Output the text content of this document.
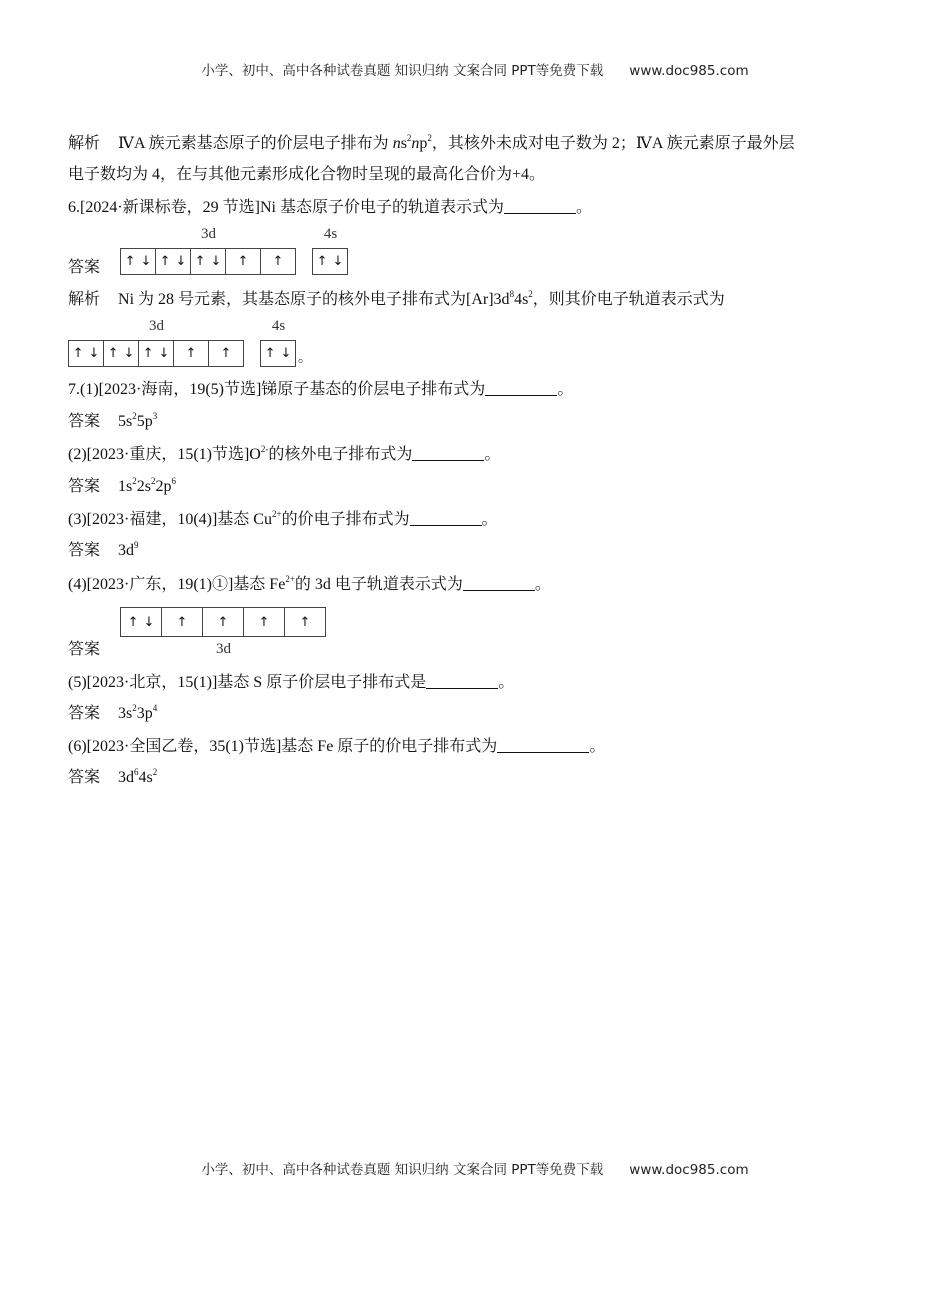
小学、初中、高中各种试卷真题 知识归纳 文案合同 PPT等免费下载 www.doc985.com
小学、初中、高中各种试卷真题 知识归纳 文案合同 PPT等免费下载 www.doc985.com
解析 ⅣA 族元素基态原子的价层电子排布为 $ns^2np^2$，其核外未成对电子数为 2；ⅣA 族元素原子最外层
电子数均为 4，在与其他元素形成化合物时呈现的最高化合价为+4。
6.[2024·新课标卷，29 节选]Ni 基态原子价电子的轨道表示式为	。
答案
解析 Ni 为 28 号元素，其基态原子的核外电子排布式为$[Ar]3d^84s^2$，则其价电子轨道表示式为
7.(1)[2023·海南，19(5)节选]锑原子基态的价层电子排布式为	。
答案 $5s^25p^3$
(2)[2023·重庆，15(1)节选]$O^{2-}$的核外电子排布式为	。
答案 $1s^22s^22p^6$
(3)[2023·福建，10(4)]基态 $Cu^{2+}$的价电子排布式为	。
答案 $3d^9$
(4)[2023·广东，19(1)①]基态 $Fe^{2+}$的 3d 电子轨道表示式为	。
答案
(5)[2023·北京，15(1)]基态 S 原子价层电子排布式是	。
答案 $3s^23p^4$
(6)[2023·全国乙卷，35(1)节选]基态 Fe 原子的价电子排布式为	。
答案 $3d^64s^2$
3d
↑ ↓ ↑ ↓ ↑ ↓ ↑ ↑
4s
↑ ↓
3d
↑ ↓ ↑ ↓ ↑ ↓ ↑ ↑
4s
↑ ↓ 。
3d
↑ ↓ ↑ ↑ ↑ ↑
